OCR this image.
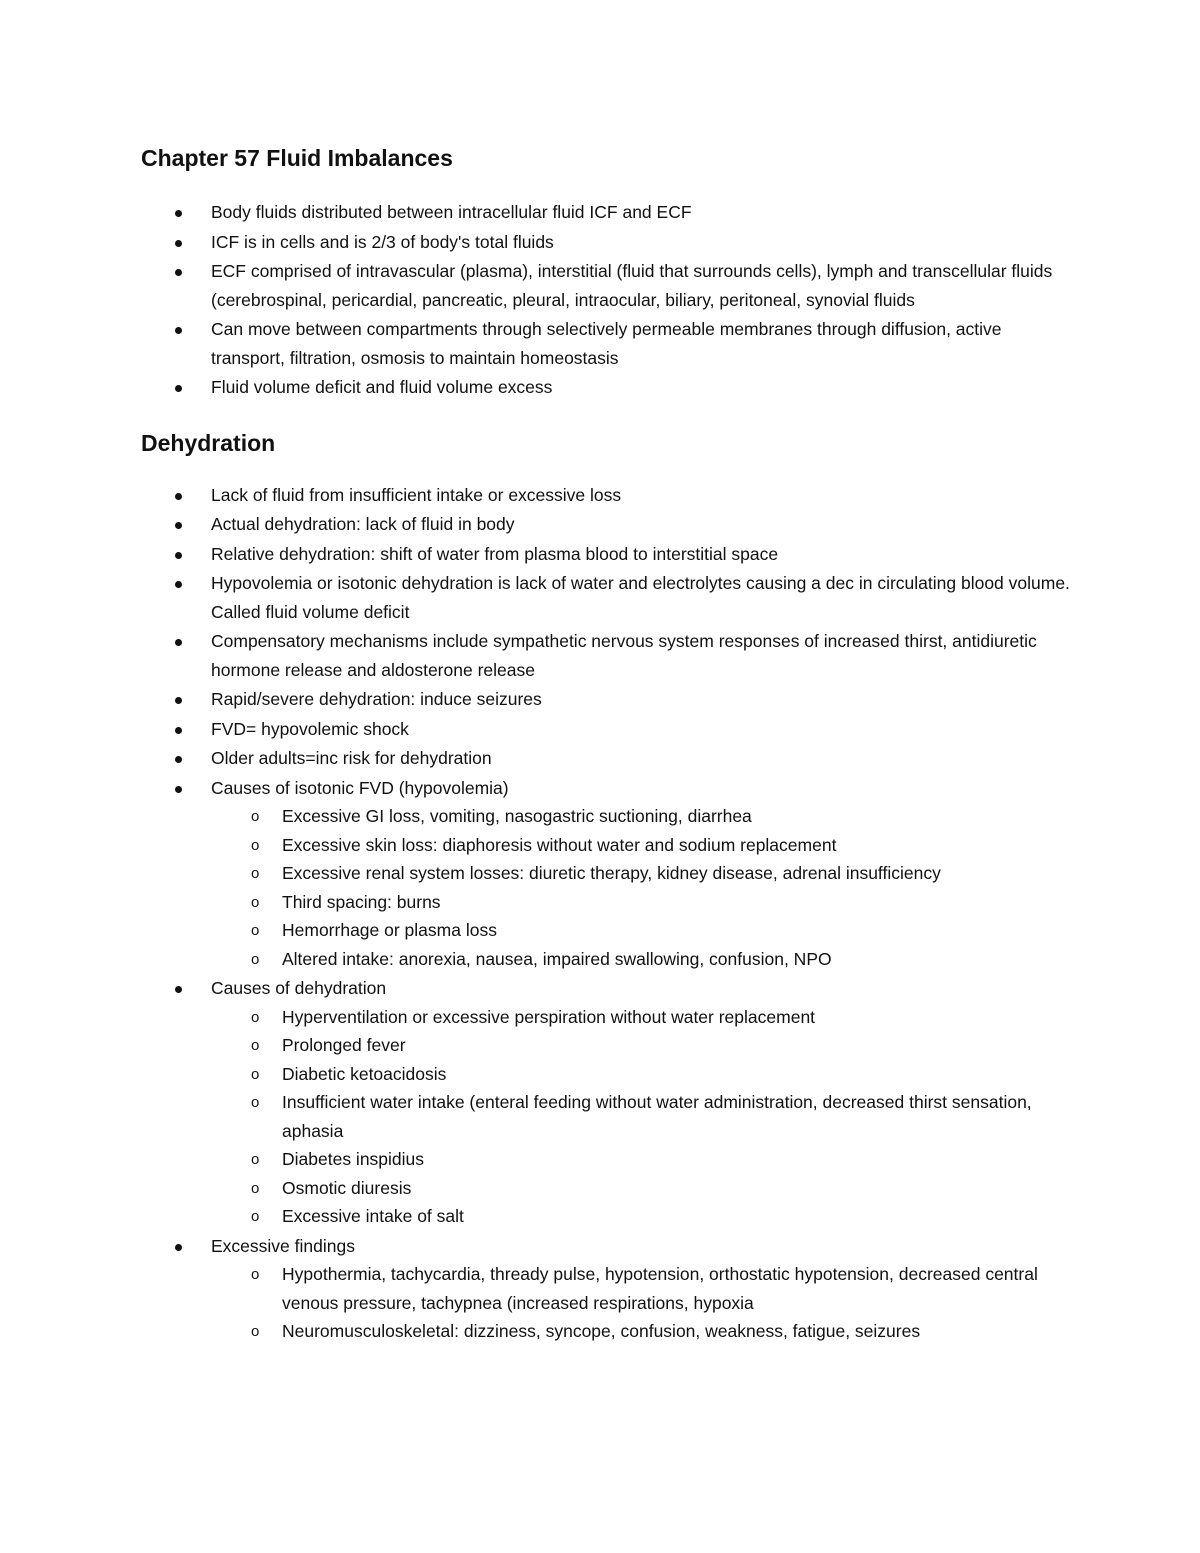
Chapter 57 Fluid Imbalances
Body fluids distributed between intracellular fluid ICF and ECF
ICF is in cells and is 2/3 of body's total fluids
ECF comprised of intravascular (plasma), interstitial (fluid that surrounds cells), lymph and transcellular fluids (cerebrospinal, pericardial, pancreatic, pleural, intraocular, biliary, peritoneal, synovial fluids
Can move between compartments through selectively permeable membranes through diffusion, active transport, filtration, osmosis to maintain homeostasis
Fluid volume deficit and fluid volume excess
Dehydration
Lack of fluid from insufficient intake or excessive loss
Actual dehydration: lack of fluid in body
Relative dehydration: shift of water from plasma blood to interstitial space
Hypovolemia or isotonic dehydration is lack of water and electrolytes causing a dec in circulating blood volume. Called fluid volume deficit
Compensatory mechanisms include sympathetic nervous system responses of increased thirst, antidiuretic hormone release and aldosterone release
Rapid/severe dehydration: induce seizures
FVD= hypovolemic shock
Older adults=inc risk for dehydration
Causes of isotonic FVD (hypovolemia)
o Excessive GI loss, vomiting, nasogastric suctioning, diarrhea
o Excessive skin loss: diaphoresis without water and sodium replacement
o Excessive renal system losses: diuretic therapy, kidney disease, adrenal insufficiency
o Third spacing: burns
o Hemorrhage or plasma loss
o Altered intake: anorexia, nausea, impaired swallowing, confusion, NPO
Causes of dehydration
o Hyperventilation or excessive perspiration without water replacement
o Prolonged fever
o Diabetic ketoacidosis
o Insufficient water intake (enteral feeding without water administration, decreased thirst sensation, aphasia
o Diabetes inspidius
o Osmotic diuresis
o Excessive intake of salt
Excessive findings
o Hypothermia, tachycardia, thready pulse, hypotension, orthostatic hypotension, decreased central venous pressure, tachypnea (increased respirations, hypoxia
o Neuromusculoskeletal: dizziness, syncope, confusion, weakness, fatigue, seizures
